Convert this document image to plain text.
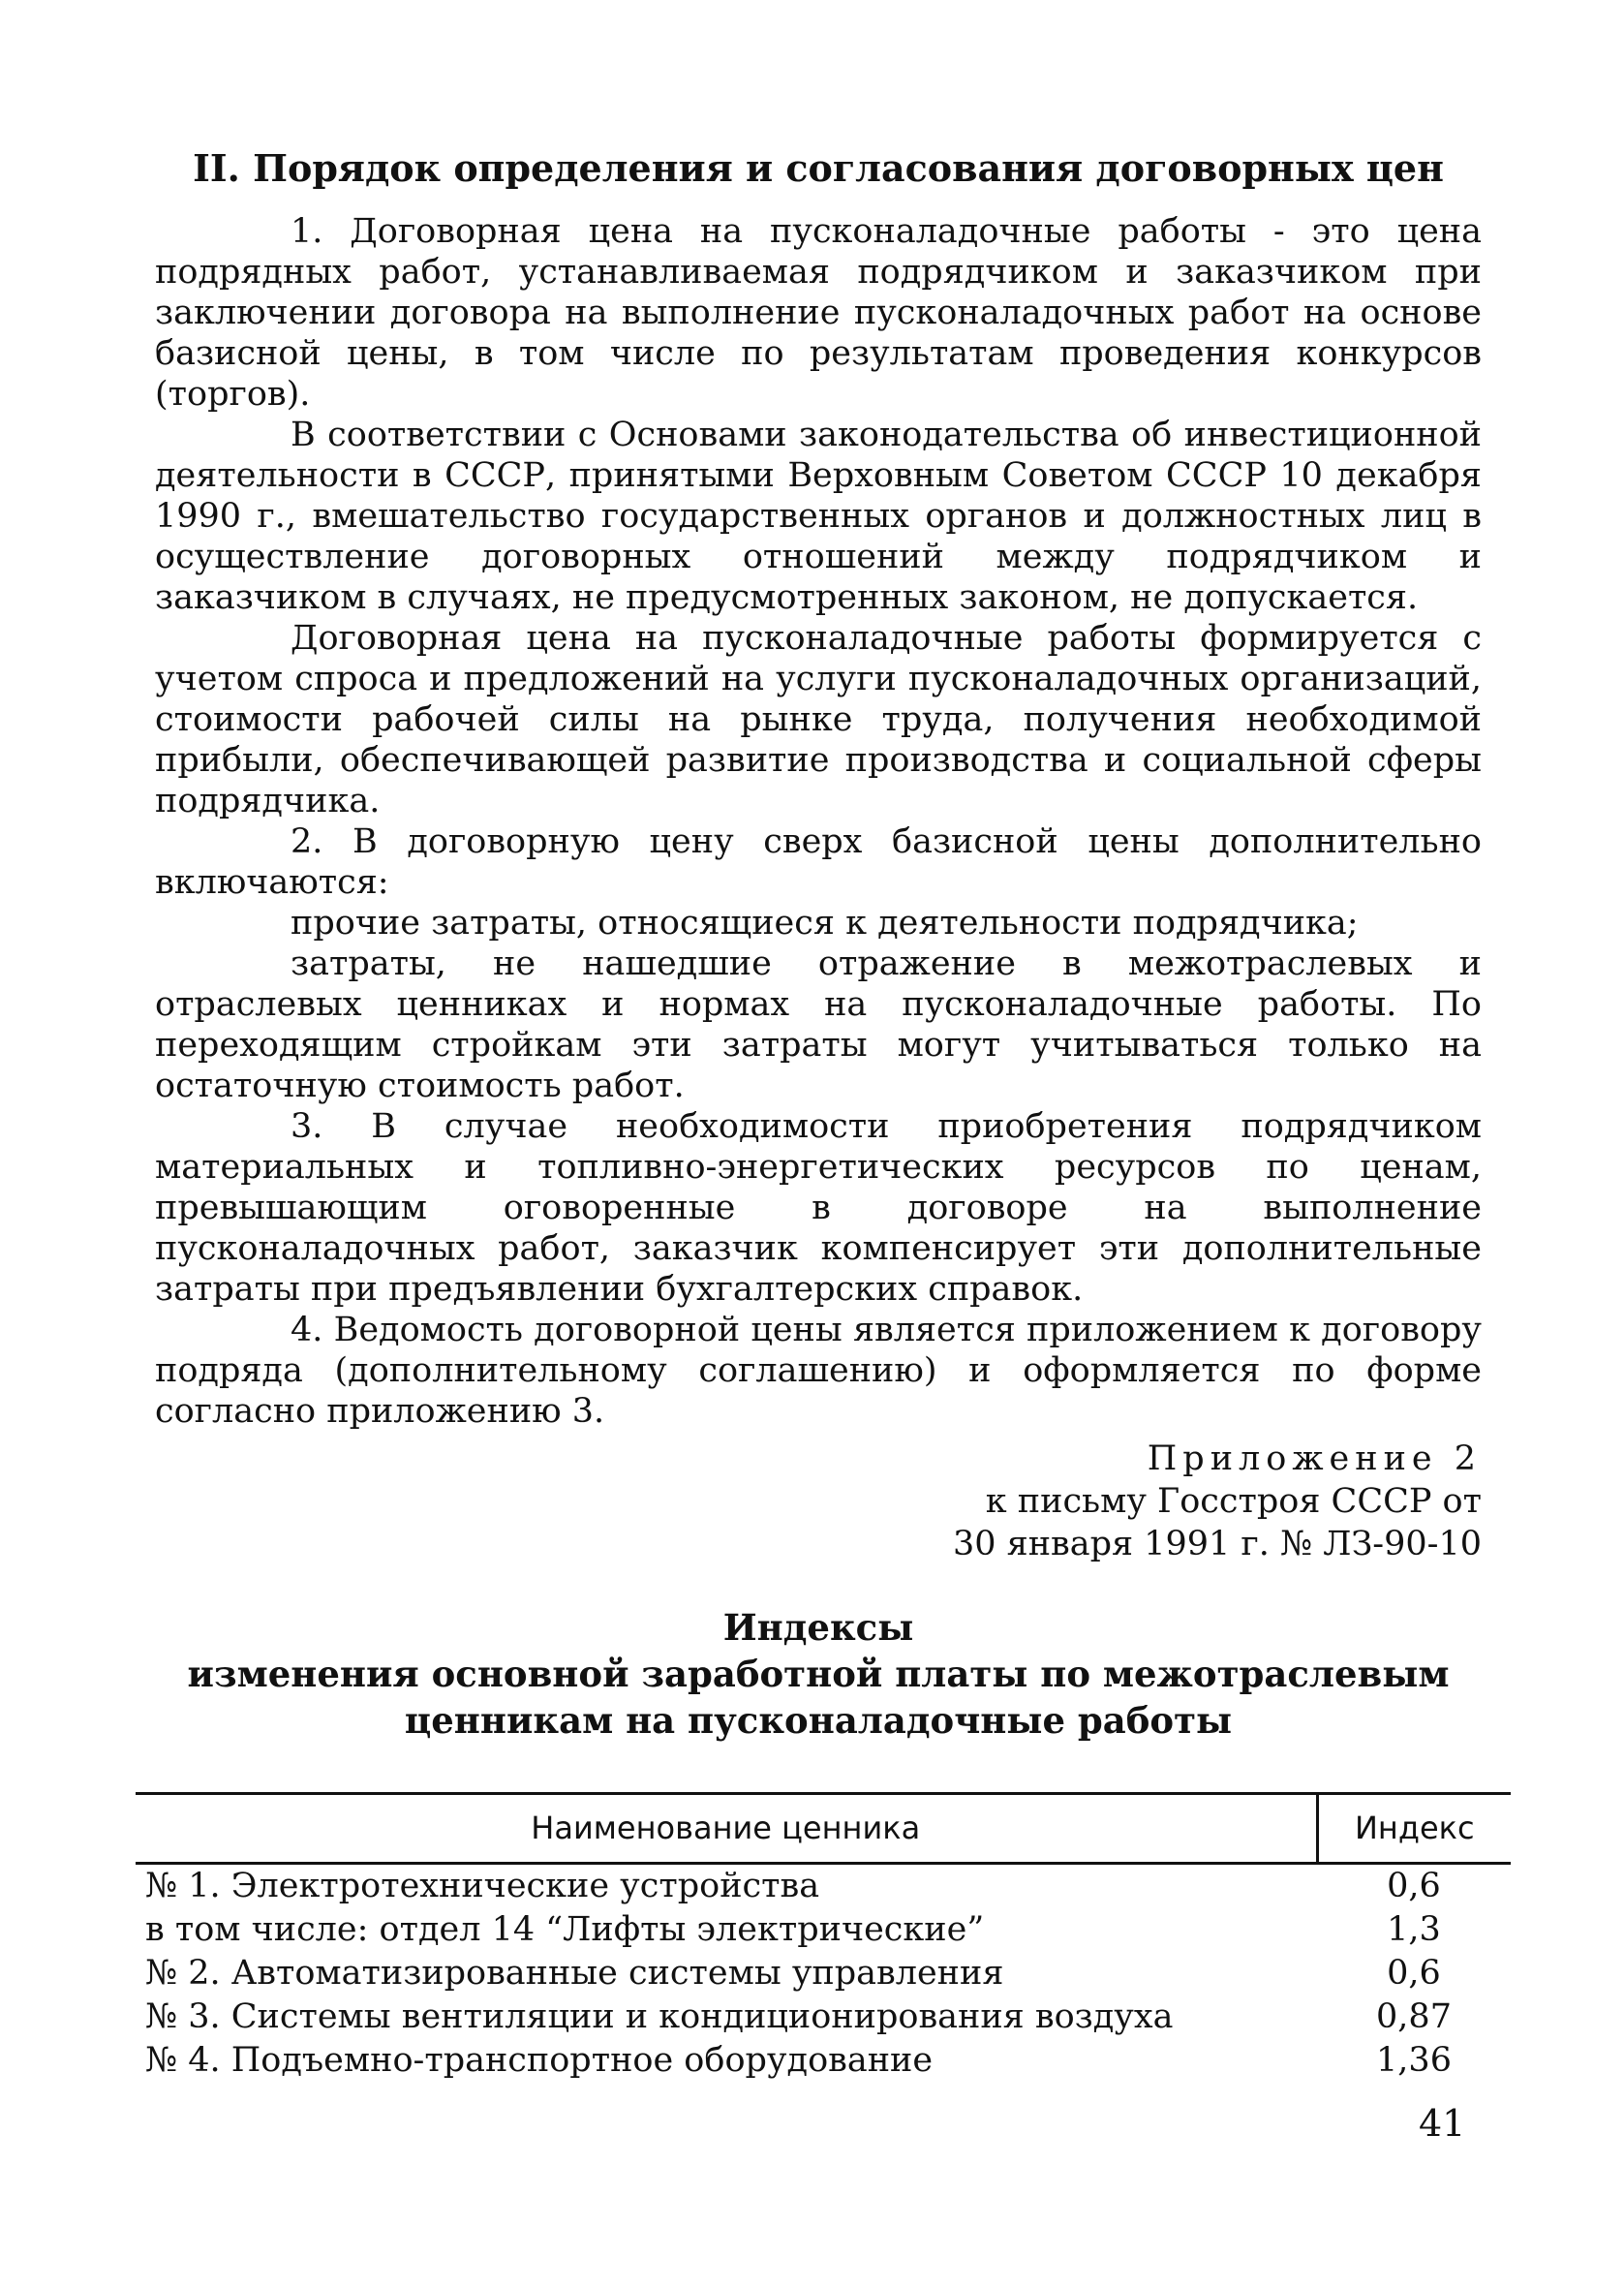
II. Порядок определения и согласования договорных цен

1. Договорная цена на пусконаладочные работы - это цена подрядных работ, устанавливаемая подрядчиком и заказчиком при заключении договора на выполнение пусконаладочных работ на основе базисной цены, в том числе по результатам проведения конкурсов (торгов).

В соответствии с Основами законодательства об инвестиционной деятельности в СССР, принятыми Верховным Советом СССР 10 декабря 1990 г., вмешательство государственных органов и должностных лиц в осуществление договорных отношений между подрядчиком и заказчиком в случаях, не предусмотренных законом, не допускается.

Договорная цена на пусконаладочные работы формируется с учетом спроса и предложений на услуги пусконаладочных организаций, стоимости рабочей силы на рынке труда, получения необходимой прибыли, обеспечивающей развитие производства и социальной сферы подрядчика.

2. В договорную цену сверх базисной цены дополнительно включаются:

прочие затраты, относящиеся к деятельности подрядчика;

затраты, не нашедшие отражение в межотраслевых и отраслевых ценниках и нормах на пусконаладочные работы. По переходящим стройкам эти затраты могут учитываться только на остаточную стоимость работ.

3. В случае необходимости приобретения подрядчиком материальных и топливно-энергетических ресурсов по ценам, превышающим оговоренные в договоре на выполнение пусконаладочных работ, заказчик компенсирует эти дополнительные затраты при предъявлении бухгалтерских справок.

4. Ведомость договорной цены является приложением к договору подряда (дополнительному соглашению) и оформляется по форме согласно приложению 3.

Приложение 2
к письму Госстроя СССР от
30 января 1991 г. № ЛЗ-90-10
Индексы
изменения основной заработной платы по межотраслевым
ценникам на пусконаладочные работы
Наименование ценника	Индекс
№ 1. Электротехнические устройства	0,6
в том числе: отдел 14 “Лифты электрические”	1,3
№ 2. Автоматизированные системы управления	0,6
№ 3. Системы вентиляции и кондиционирования воздуха	0,87
№ 4. Подъемно-транспортное оборудование	1,36
41
